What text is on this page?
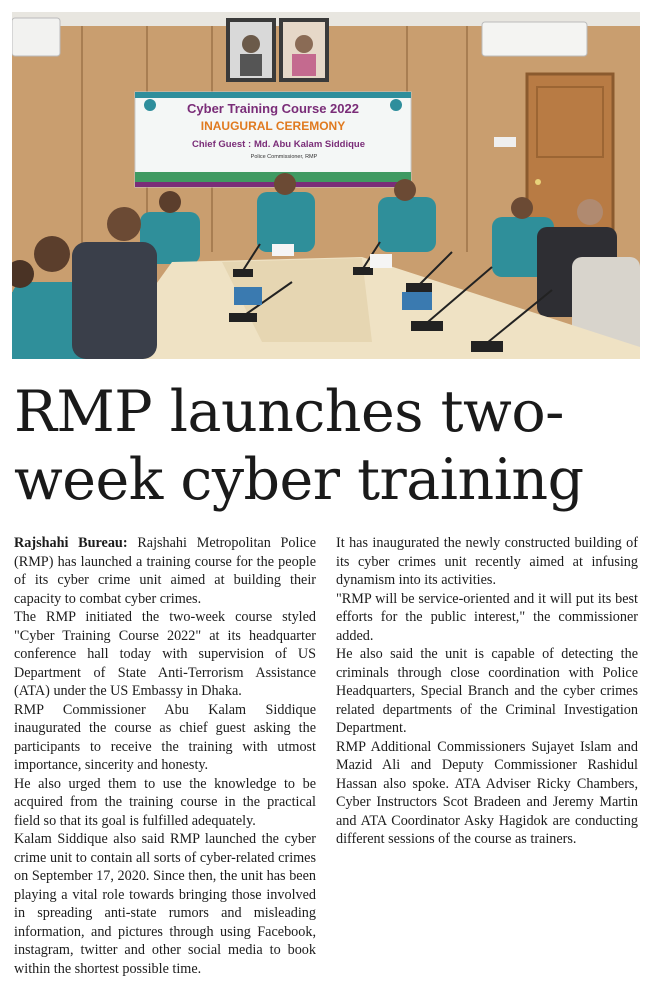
Cyber Training Course 2022
INAUGURAL CEREMONY
Chief Guest : Md. Abu Kalam Siddique
Police Commissioner, RMP
RMP launches two-week cyber training

Rajshahi Bureau: Rajshahi Metropolitan Police (RMP) has launched a training course for the people of its cyber crime unit aimed at building their capacity to combat cyber crimes.

The RMP initiated the two-week course styled "Cyber Training Course 2022" at its headquarter conference hall today with supervision of US Department of State Anti-Terrorism Assistance (ATA) under the US Embassy in Dhaka.

RMP Commissioner Abu Kalam Siddique inaugurated the course as chief guest asking the participants to receive the training with utmost importance, sincerity and honesty.

He also urged them to use the knowledge to be acquired from the training course in the practical field so that its goal is fulfilled adequately.

Kalam Siddique also said RMP launched the cyber crime unit to contain all sorts of cyber-related crimes on September 17, 2020. Since then, the unit has been playing a vital role towards bringing those involved in spreading anti-state rumors and misleading information, and pictures through using Facebook, instagram, twitter and other social media to book within the shortest possible time.

It has inaugurated the newly constructed building of its cyber crimes unit recently aimed at infusing dynamism into its activities.

"RMP will be service-oriented and it will put its best efforts for the public interest," the commissioner added.

He also said the unit is capable of detecting the criminals through close coordination with Police Headquarters, Special Branch and the cyber crimes related departments of the Criminal Investigation Department.

RMP Additional Commissioners Sujayet Islam and Mazid Ali and Deputy Commissioner Rashidul Hassan also spoke. ATA Adviser Ricky Chambers, Cyber Instructors Scot Bradeen and Jeremy Martin and ATA Coordinator Asky Hagidok are conducting different sessions of the course as trainers.
